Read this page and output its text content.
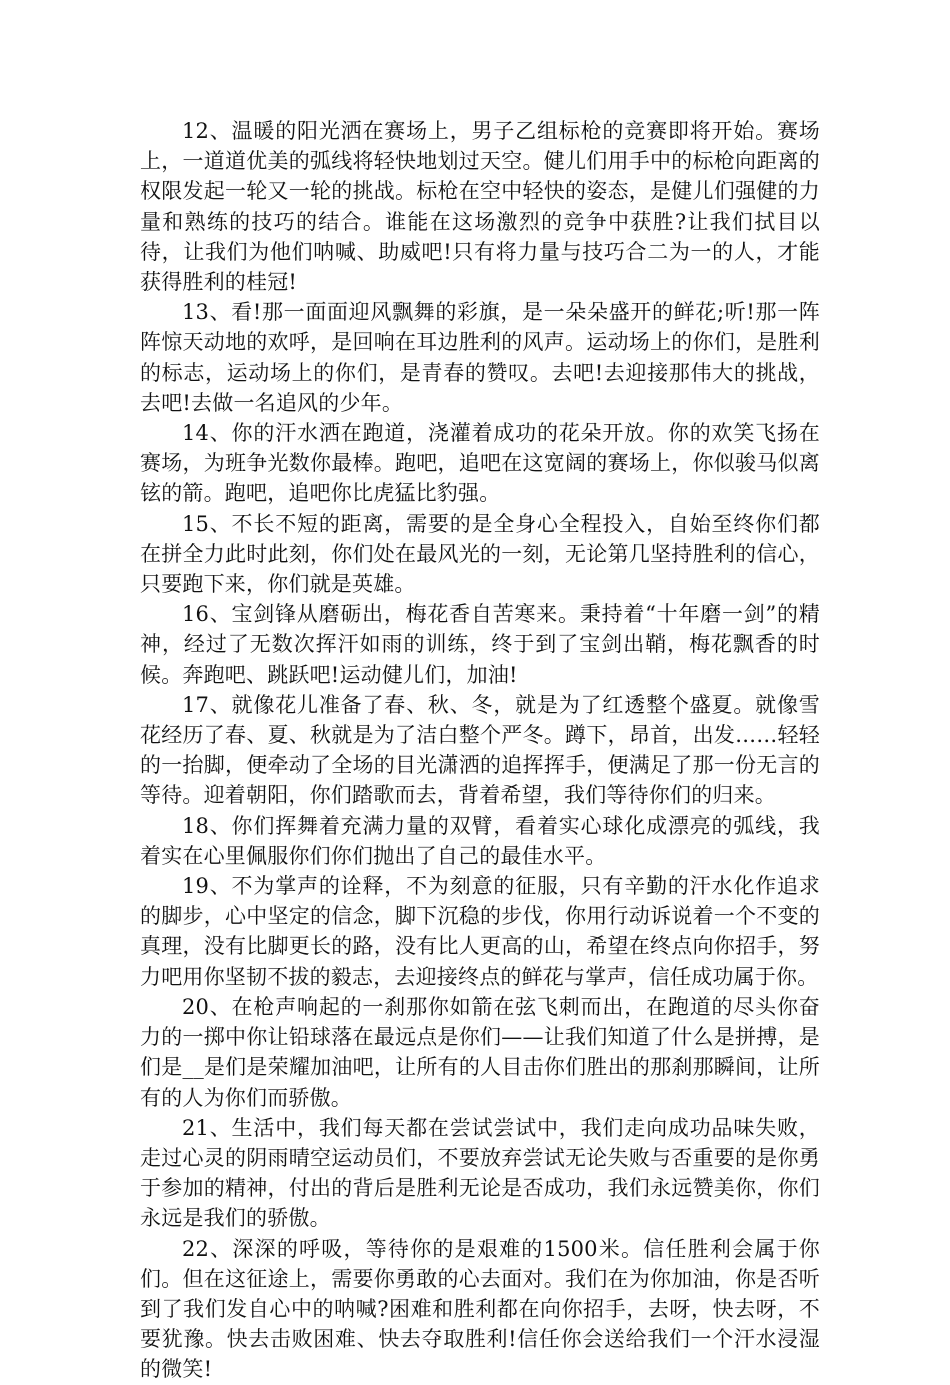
12、温暖的阳光洒在赛场上，男子乙组标枪的竞赛即将开始。赛场上，一道道优美的弧线将轻快地划过天空。健儿们用手中的标枪向距离的权限发起一轮又一轮的挑战。标枪在空中轻快的姿态，是健儿们强健的力量和熟练的技巧的结合。谁能在这场激烈的竞争中获胜?让我们拭目以待，让我们为他们呐喊、助威吧!只有将力量与技巧合二为一的人，才能获得胜利的桂冠!

13、看!那一面面迎风飘舞的彩旗，是一朵朵盛开的鲜花;听!那一阵阵惊天动地的欢呼，是回响在耳边胜利的风声。运动场上的你们，是胜利的标志，运动场上的你们，是青春的赞叹。去吧!去迎接那伟大的挑战，去吧!去做一名追风的少年。

14、你的汗水洒在跑道，浇灌着成功的花朵开放。你的欢笑飞扬在赛场，为班争光数你最棒。跑吧，追吧在这宽阔的赛场上，你似骏马似离铉的箭。跑吧，追吧你比虎猛比豹强。

15、不长不短的距离，需要的是全身心全程投入，自始至终你们都在拼全力此时此刻，你们处在最风光的一刻，无论第几坚持胜利的信心，只要跑下来，你们就是英雄。

16、宝剑锋从磨砺出，梅花香自苦寒来。秉持着“十年磨一剑”的精神，经过了无数次挥汗如雨的训练，终于到了宝剑出鞘，梅花飘香的时候。奔跑吧、跳跃吧!运动健儿们，加油!

17、就像花儿准备了春、秋、冬，就是为了红透整个盛夏。就像雪花经历了春、夏、秋就是为了洁白整个严冬。蹲下，昂首，出发……轻轻的一抬脚，便牵动了全场的目光潇洒的追挥挥手，便满足了那一份无言的等待。迎着朝阳，你们踏歌而去，背着希望，我们等待你们的归来。

18、你们挥舞着充满力量的双臂，看着实心球化成漂亮的弧线，我着实在心里佩服你们你们抛出了自己的最佳水平。

19、不为掌声的诠释，不为刻意的征服，只有辛勤的汗水化作追求的脚步，心中坚定的信念，脚下沉稳的步伐，你用行动诉说着一个不变的真理，没有比脚更长的路，没有比人更高的山，希望在终点向你招手，努力吧用你坚韧不拔的毅志，去迎接终点的鲜花与掌声，信任成功属于你。

20、在枪声响起的一刹那你如箭在弦飞刺而出，在跑道的尽头你奋力的一掷中你让铅球落在最远点是你们——让我们知道了什么是拼搏，是们是__是们是荣耀加油吧，让所有的人目击你们胜出的那刹那瞬间，让所有的人为你们而骄傲。

21、生活中，我们每天都在尝试尝试中，我们走向成功品味失败，走过心灵的阴雨晴空运动员们，不要放弃尝试无论失败与否重要的是你勇于参加的精神，付出的背后是胜利无论是否成功，我们永远赞美你，你们永远是我们的骄傲。

22、深深的呼吸，等待你的是艰难的1500米。信任胜利会属于你们。但在这征途上，需要你勇敢的心去面对。我们在为你加油，你是否听到了我们发自心中的呐喊?困难和胜利都在向你招手，去呀，快去呀，不要犹豫。快去击败困难、快去夺取胜利!信任你会送给我们一个汗水浸湿的微笑!
